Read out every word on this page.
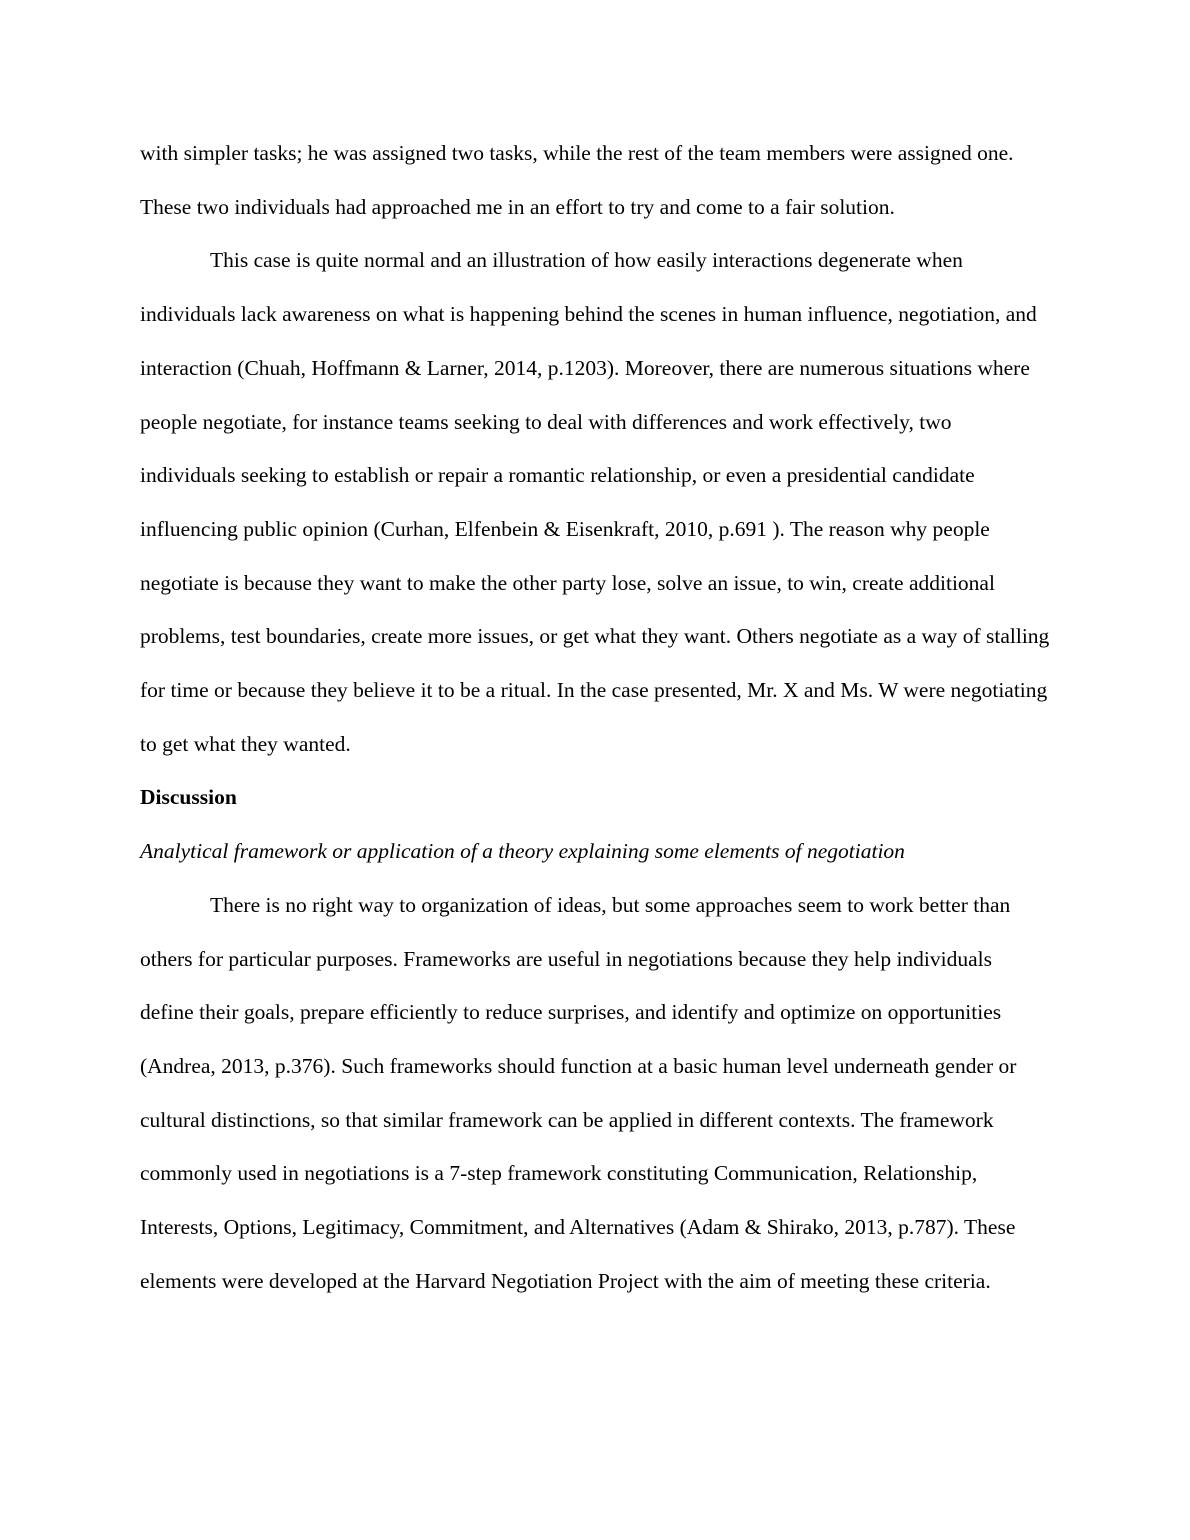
with simpler tasks; he was assigned two tasks, while the rest of the team members were assigned one. These two individuals had approached me in an effort to try and come to a fair solution.

This case is quite normal and an illustration of how easily interactions degenerate when individuals lack awareness on what is happening behind the scenes in human influence, negotiation, and interaction (Chuah, Hoffmann & Larner, 2014, p.1203). Moreover, there are numerous situations where people negotiate, for instance teams seeking to deal with differences and work effectively, two individuals seeking to establish or repair a romantic relationship, or even a presidential candidate influencing public opinion (Curhan, Elfenbein & Eisenkraft, 2010, p.691 ). The reason why people negotiate is because they want to make the other party lose, solve an issue, to win, create additional problems, test boundaries, create more issues, or get what they want. Others negotiate as a way of stalling for time or because they believe it to be a ritual. In the case presented, Mr. X and Ms. W were negotiating to get what they wanted.

Discussion

Analytical framework or application of a theory explaining some elements of negotiation

There is no right way to organization of ideas, but some approaches seem to work better than others for particular purposes. Frameworks are useful in negotiations because they help individuals define their goals, prepare efficiently to reduce surprises, and identify and optimize on opportunities (Andrea, 2013, p.376). Such frameworks should function at a basic human level underneath gender or cultural distinctions, so that similar framework can be applied in different contexts. The framework commonly used in negotiations is a 7-step framework constituting Communication, Relationship, Interests, Options, Legitimacy, Commitment, and Alternatives (Adam & Shirako, 2013, p.787). These elements were developed at the Harvard Negotiation Project with the aim of meeting these criteria.
